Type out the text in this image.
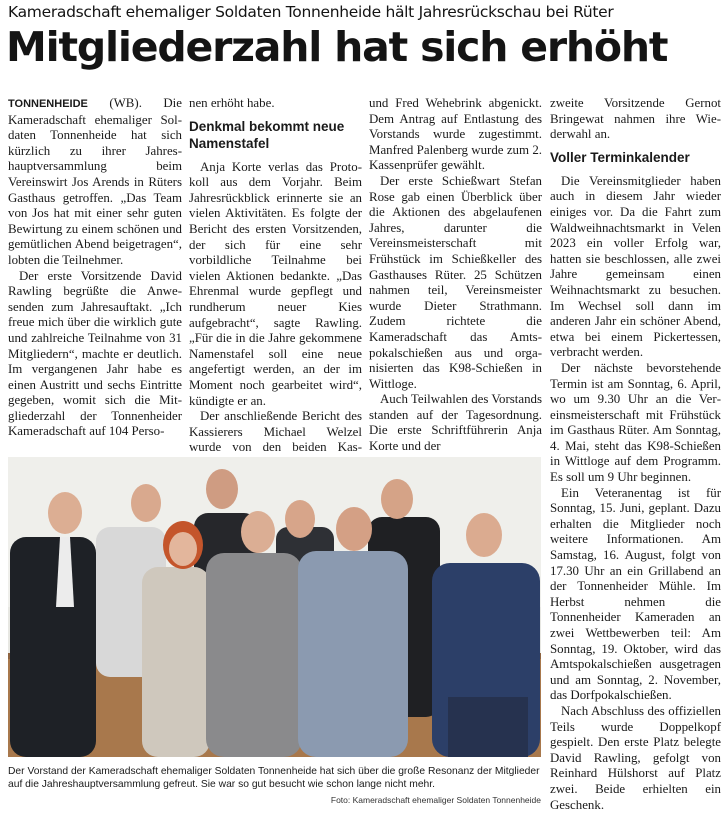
Kameradschaft ehemaliger Soldaten Tonnenheide hält Jahresrückschau bei Rüter
Mitgliederzahl hat sich erhöht

TONNENHEIDE (WB). Die Kameradschaft ehemaliger Soldaten Tonnenheide hat sich kürzlich zu ihrer Jahreshauptversammlung beim Vereinswirt Jos Arends in Rüters Gasthaus getroffen. „Das Team von Jos hat mit einer sehr guten Bewirtung zu einem schönen und gemütlichen Abend beigetragen“, lobten die Teilnehmer.

Der erste Vorsitzende David Rawling begrüßte die Anwesenden zum Jahresauftakt. „Ich freue mich über die wirklich gute und zahlreiche Teilnahme von 31 Mitgliedern“, machte er deutlich. Im vergangenen Jahr habe es einen Austritt und sechs Eintritte gegeben, womit sich die Mitgliederzahl der Tonnenheider Kameradschaft auf 104 Perso-

nen erhöht habe.

Denkmal bekommt neue Namenstafel

Anja Korte verlas das Protokoll aus dem Vorjahr. Beim Jahresrückblick erinnerte sie an vielen Aktivitäten. Es folgte der Bericht des ersten Vorsitzenden, der sich für eine sehr vorbildliche Teilnahme bei vielen Aktionen bedankte. „Das Ehrenmal wurde gepflegt und rundherum neuer Kies aufgebracht“, sagte Rawling. „Für die in die Jahre gekommene Namenstafel soll eine neue angefertigt werden, an der im Moment noch gearbeitet wird“, kündigte er an.

Der anschließende Bericht des Kassierers Michael Welzel wurde von den beiden Kas

und Fred Wehebrink abgenickt. Dem Antrag auf Entlastung des Vorstands wurde zugestimmt. Manfred Palenberg wurde zum 2. Kassenprüfer gewählt.

Der erste Schießwart Stefan Rose gab einen Überblick über die Aktionen des abgelaufenen Jahres, darunter die Vereinsmeisterschaft mit Frühstück im Schießkeller des Gasthauses Rüter. 25 Schützen nahmen teil, Vereinsmeister wurde Dieter Strathmann. Zudem richtete die Kameradschaft das Amtspokalschießen aus und organisierten das K98-Schießen in Wittloge.

Auch Teilwahlen des Vorstands standen auf der Tagesordnung. Die erste Schriftführerin Anja Korte und der

zweite Vorsitzende Gernot Bringewat nahmen ihre Wiederwahl an.

Voller Terminkalender

Die Vereinsmitglieder haben auch in diesem Jahr wieder einiges vor. Da die Fahrt zum Waldweihnachtsmarkt in Velen 2023 ein voller Erfolg war, hatten sie beschlossen, alle zwei Jahre gemeinsam einen Weihnachtsmarkt zu besuchen. Im Wechsel soll dann im anderen Jahr ein schöner Abend, etwa bei einem Pickertessen, verbracht werden.

Der nächste bevorstehende Termin ist am Sonntag, 6. April, wo um 9.30 Uhr an die Vereinsmeisterschaft mit Frühstück im Gasthaus Rüter. Am Sonntag, 4. Mai, steht das K98-Schießen in Wittloge auf dem Programm. Es soll um 9 Uhr beginnen.

Ein Veteranentag ist für Sonntag, 15. Juni, geplant. Dazu erhalten die Mitglieder noch weitere Informationen. Am Samstag, 16. August, folgt von 17.30 Uhr an ein Grillabend an der Tonnenheider Mühle. Im Herbst nehmen die Tonnenheider Kameraden an zwei Wettbewerben teil: Am Sonntag, 19. Oktober, wird das Amtspokalschießen ausgetragen und am Sonntag, 2. November, das Dorfpokalschießen.

Nach Abschluss des offiziellen Teils wurde Doppelkopf gespielt. Den erste Platz belegte David Rawling, gefolgt von Reinhard Hülshorst auf Platz zwei. Beide erhielten ein Geschenk.

Der Vorstand der Kameradschaft ehemaliger Soldaten Tonnenheide hat sich über die große Resonanz der Mitglieder auf die Jahreshauptversammlung gefreut. Sie war so gut besucht wie schon lange nicht mehr.
Foto: Kameradschaft ehemaliger Soldaten Tonnenheide
